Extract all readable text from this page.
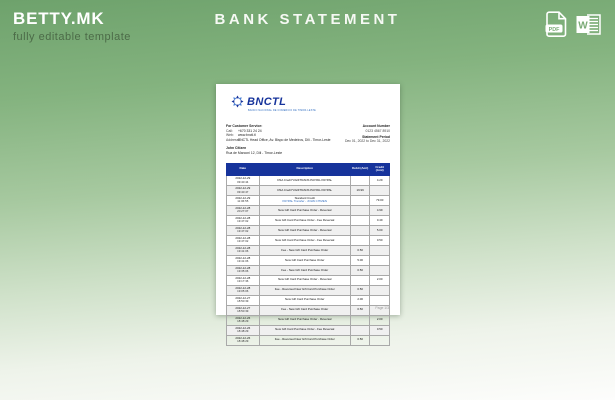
BETTY.MK
fully editable template
BANK STATEMENT
PDF W
BNCTL
BANCO NACIONAL DE COMERCIO DE TIMOR-LESTE
For Customer Service:
Call: +670 331 24 24
Web: www.bnctl.tl
Address: BNCTL Head Office, Av. Bispo de Medeiros, Dili - Timor-Leste
John Citizen
Rua de Marconi 12, Dili - Timor-Leste
Account Number
0123 4567 8910
Statement Period
Dec 01, 2022 to Dec 31, 2022
Date	Description	Debit (Amt)	Credit (Amt)
2022-12-29
09:40:44	DSA Credit*UGIFTRANS PAYPAL PAYPAL		4.29
2022-12-29
09:40:47	DSA Credit*UGIFTRANS PAYPAL PAYPAL	19.99	
2022-12-29
11:06:55	Standard Credit
PAYPAL Transfer - JOHN CITIZEN		79.00
2022-12-28
20:27:07	New Gift Card Purchase Order - Reversal		4.99
2022-12-28
19:47:02	New Gift Card Purchase Order - Fee Reversal		0.49
2022-12-28
19:47:02	New Gift Card Purchase Order - Reversal		5.00
2022-12-28
19:47:02	New Gift Card Purchase Order - Fee Reversal		0.50
2022-12-28
19:41:06	Fee - New Gift Card Purchase Order	0.50	
2022-12-28
19:41:06	New Gift Card Purchase Order	5.00	
2022-12-28
19:35:06	Fee - New Gift Card Purchase Order	0.50	
2022-12-28
19:17:36	New Gift Card Purchase Order - Reversal		2.00
2022-12-28
19:05:06	Fee - Reversed New Gift Card Purchase Order	0.50	
2022-12-27
18:50:39	New Gift Card Purchase Order	2.00	
2022-12-27
18:50:39	Fee - New Gift Card Purchase Order	0.50	
2022-12-26
18:48:29	New Gift Card Purchase Order - Reversal		2.00
2022-12-26
18:48:29	New Gift Card Purchase Order - Fee Reversal		0.50
2022-12-26
18:48:29	Fee - Reversed New Gift Card Purchase Order	0.50	
Page 1/3
